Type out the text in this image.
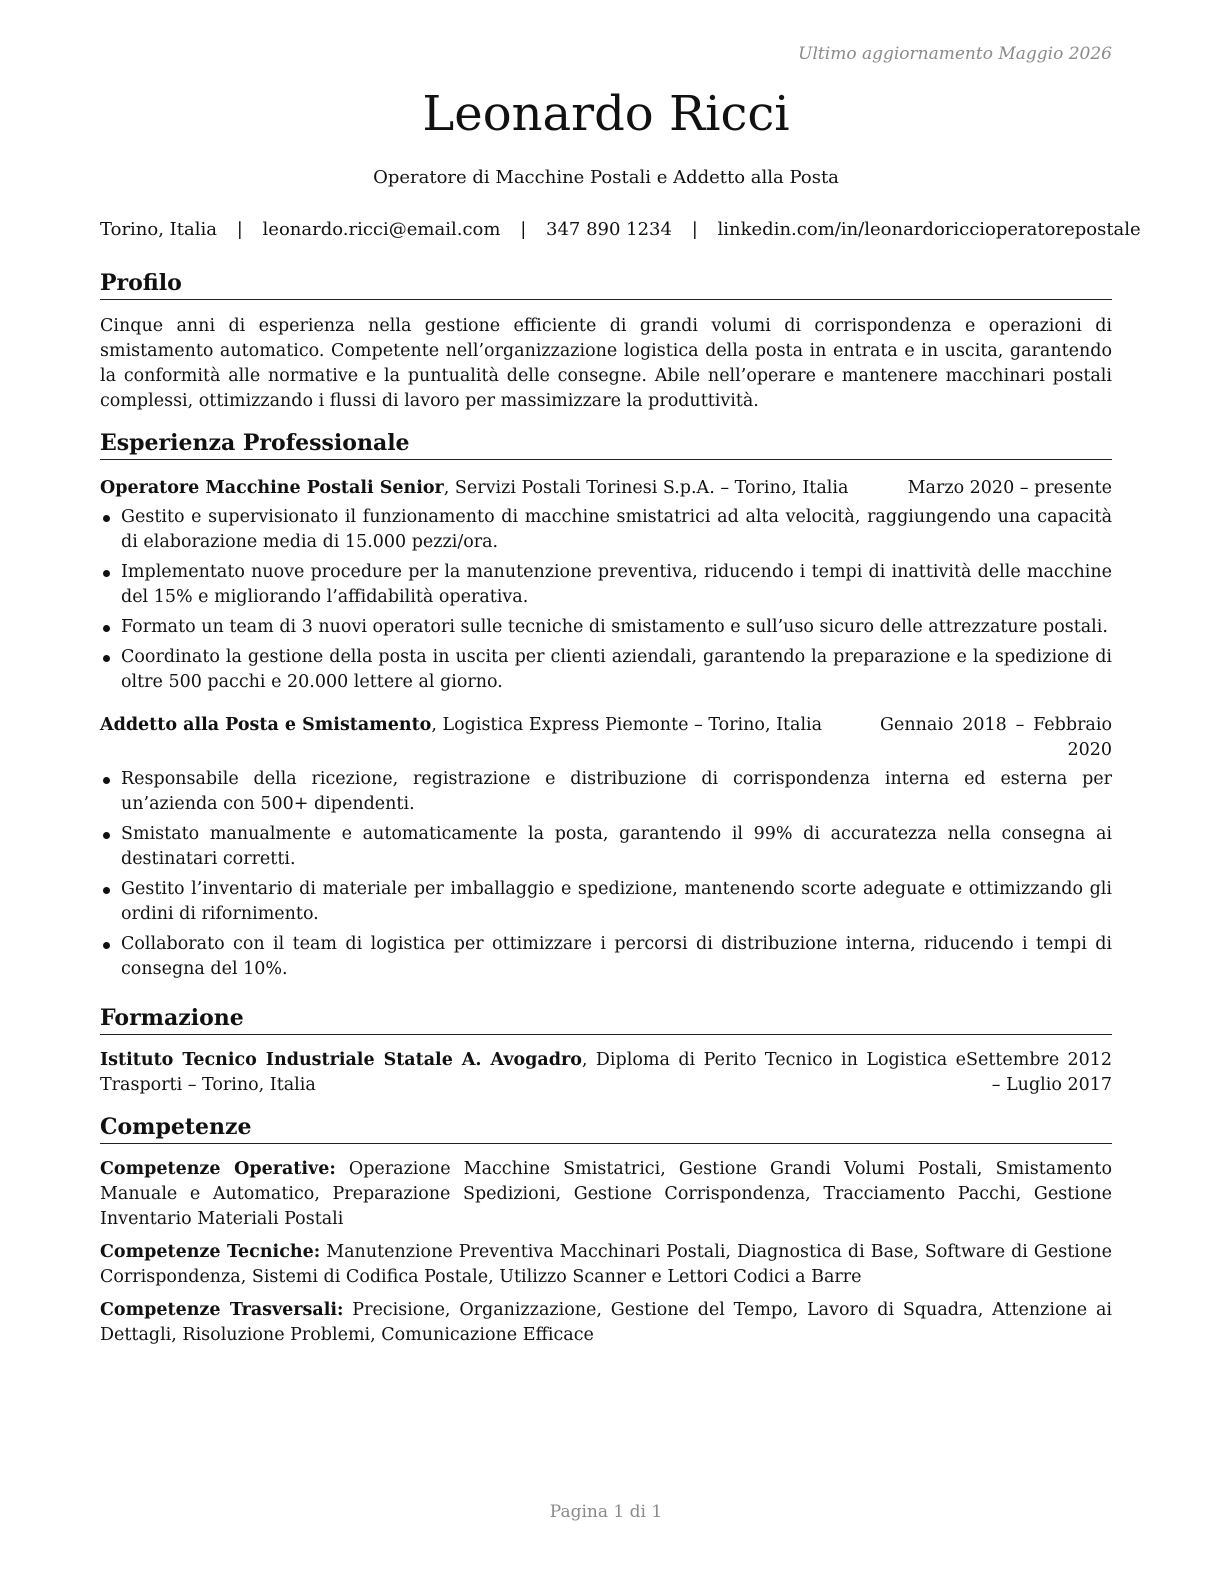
Ultimo aggiornamento Maggio 2026
Leonardo Ricci
Operatore di Macchine Postali e Addetto alla Posta
Torino, Italia | leonardo.ricci@email.com | 347 890 1234 | linkedin.com/in/leonardoriccioperatorepostale
Profilo

Cinque anni di esperienza nella gestione efficiente di grandi volumi di corrispondenza e operazioni di smistamento automatico. Competente nell’organizzazione logistica della posta in entrata e in uscita, garantendo la conformità alle normative e la puntualità delle consegne. Abile nell’operare e mantenere macchinari postali complessi, ottimizzando i flussi di lavoro per massimizzare la produttività.

Esperienza Professionale
Operatore Macchine Postali Senior, Servizi Postali Torinesi S.p.A. – Torino, Italia	Marzo 2020 – presente
Gestito e supervisionato il funzionamento di macchine smistatrici ad alta velocità, raggiungendo una capacità di elaborazione media di 15.000 pezzi/ora.
Implementato nuove procedure per la manutenzione preventiva, riducendo i tempi di inattività delle macchine del 15% e migliorando l’affidabilità operativa.
Formato un team di 3 nuovi operatori sulle tecniche di smistamento e sull’uso sicuro delle attrezzature postali.
Coordinato la gestione della posta in uscita per clienti aziendali, garantendo la preparazione e la spedizione di oltre 500 pacchi e 20.000 lettere al giorno.
Addetto alla Posta e Smistamento, Logistica Express Piemonte – Torino, Italia	Gennaio 2018 – Febbraio 2020
Responsabile della ricezione, registrazione e distribuzione di corrispondenza interna ed esterna per un’azienda con 500+ dipendenti.
Smistato manualmente e automaticamente la posta, garantendo il 99% di accuratezza nella consegna ai destinatari corretti.
Gestito l’inventario di materiale per imballaggio e spedizione, mantenendo scorte adeguate e ottimizzando gli ordini di rifornimento.
Collaborato con il team di logistica per ottimizzare i percorsi di distribuzione interna, riducendo i tempi di consegna del 10%.
Formazione
Istituto Tecnico Industriale Statale A. Avogadro, Diploma di Perito Tecnico in Logistica e Trasporti – Torino, Italia
Settembre 2012 – Luglio 2017
Competenze

Competenze Operative: Operazione Macchine Smistatrici, Gestione Grandi Volumi Postali, Smistamento Manuale e Automatico, Preparazione Spedizioni, Gestione Corrispondenza, Tracciamento Pacchi, Gestione Inventario Materiali Postali

Competenze Tecniche: Manutenzione Preventiva Macchinari Postali, Diagnostica di Base, Software di Gestione Corrispondenza, Sistemi di Codifica Postale, Utilizzo Scanner e Lettori Codici a Barre

Competenze Trasversali: Precisione, Organizzazione, Gestione del Tempo, Lavoro di Squadra, Attenzione ai Dettagli, Risoluzione Problemi, Comunicazione Efficace

Pagina 1 di 1
